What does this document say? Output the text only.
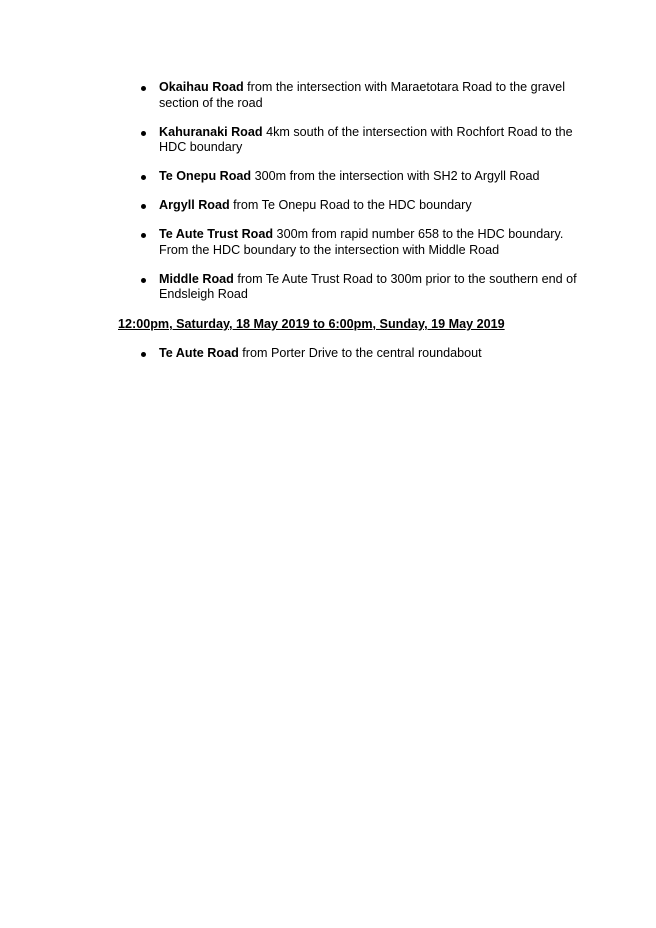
Okaihau Road from the intersection with Maraetotara Road to the gravel section of the road
Kahuranaki Road 4km south of the intersection with Rochfort Road to the HDC boundary
Te Onepu Road 300m from the intersection with SH2 to Argyll Road
Argyll Road from Te Onepu Road to the HDC boundary
Te Aute Trust Road 300m from rapid number 658 to the HDC boundary. From the HDC boundary to the intersection with Middle Road
Middle Road from Te Aute Trust Road to 300m prior to the southern end of Endsleigh Road

12:00pm, Saturday, 18 May 2019 to 6:00pm, Sunday, 19 May 2019

Te Aute Road from Porter Drive to the central roundabout
